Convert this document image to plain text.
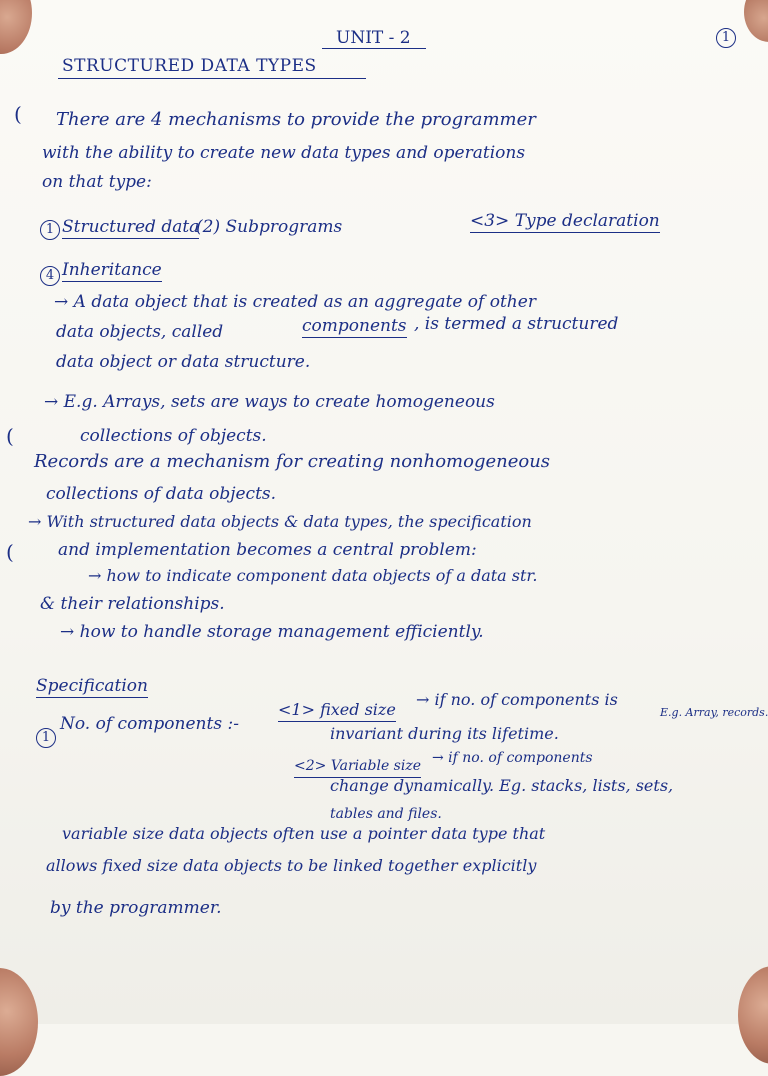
UNIT - 2	1
STRUCTURED DATA TYPES
(
(
(
There are 4 mechanisms to provide the programmer
with the ability to create new data types and operations
on that type:
1 Structured data
(2) Subprograms	<3> Type declaration
4 Inheritance
→ A data object that is created as an aggregate of other
data objects, called	components , is termed a structured
data object or data structure.
→ E.g. Arrays, sets are ways to create homogeneous
collections of objects.
Records are a mechanism for creating nonhomogeneous
collections of data objects.
→ With structured data objects & data types, the specification
and implementation becomes a central problem:
→ how to indicate component data objects of a data str.
& their relationships.
→ how to handle storage management efficiently.
Specification
1
No. of components :-
<1> fixed size
→ if no. of components is
E.g. Array, records.
invariant during its lifetime.
<2> Variable size → if no. of components
change dynamically. Eg. stacks, lists, sets,
tables and files.
variable size data objects often use a pointer data type that
allows fixed size data objects to be linked together explicitly
by the programmer.
